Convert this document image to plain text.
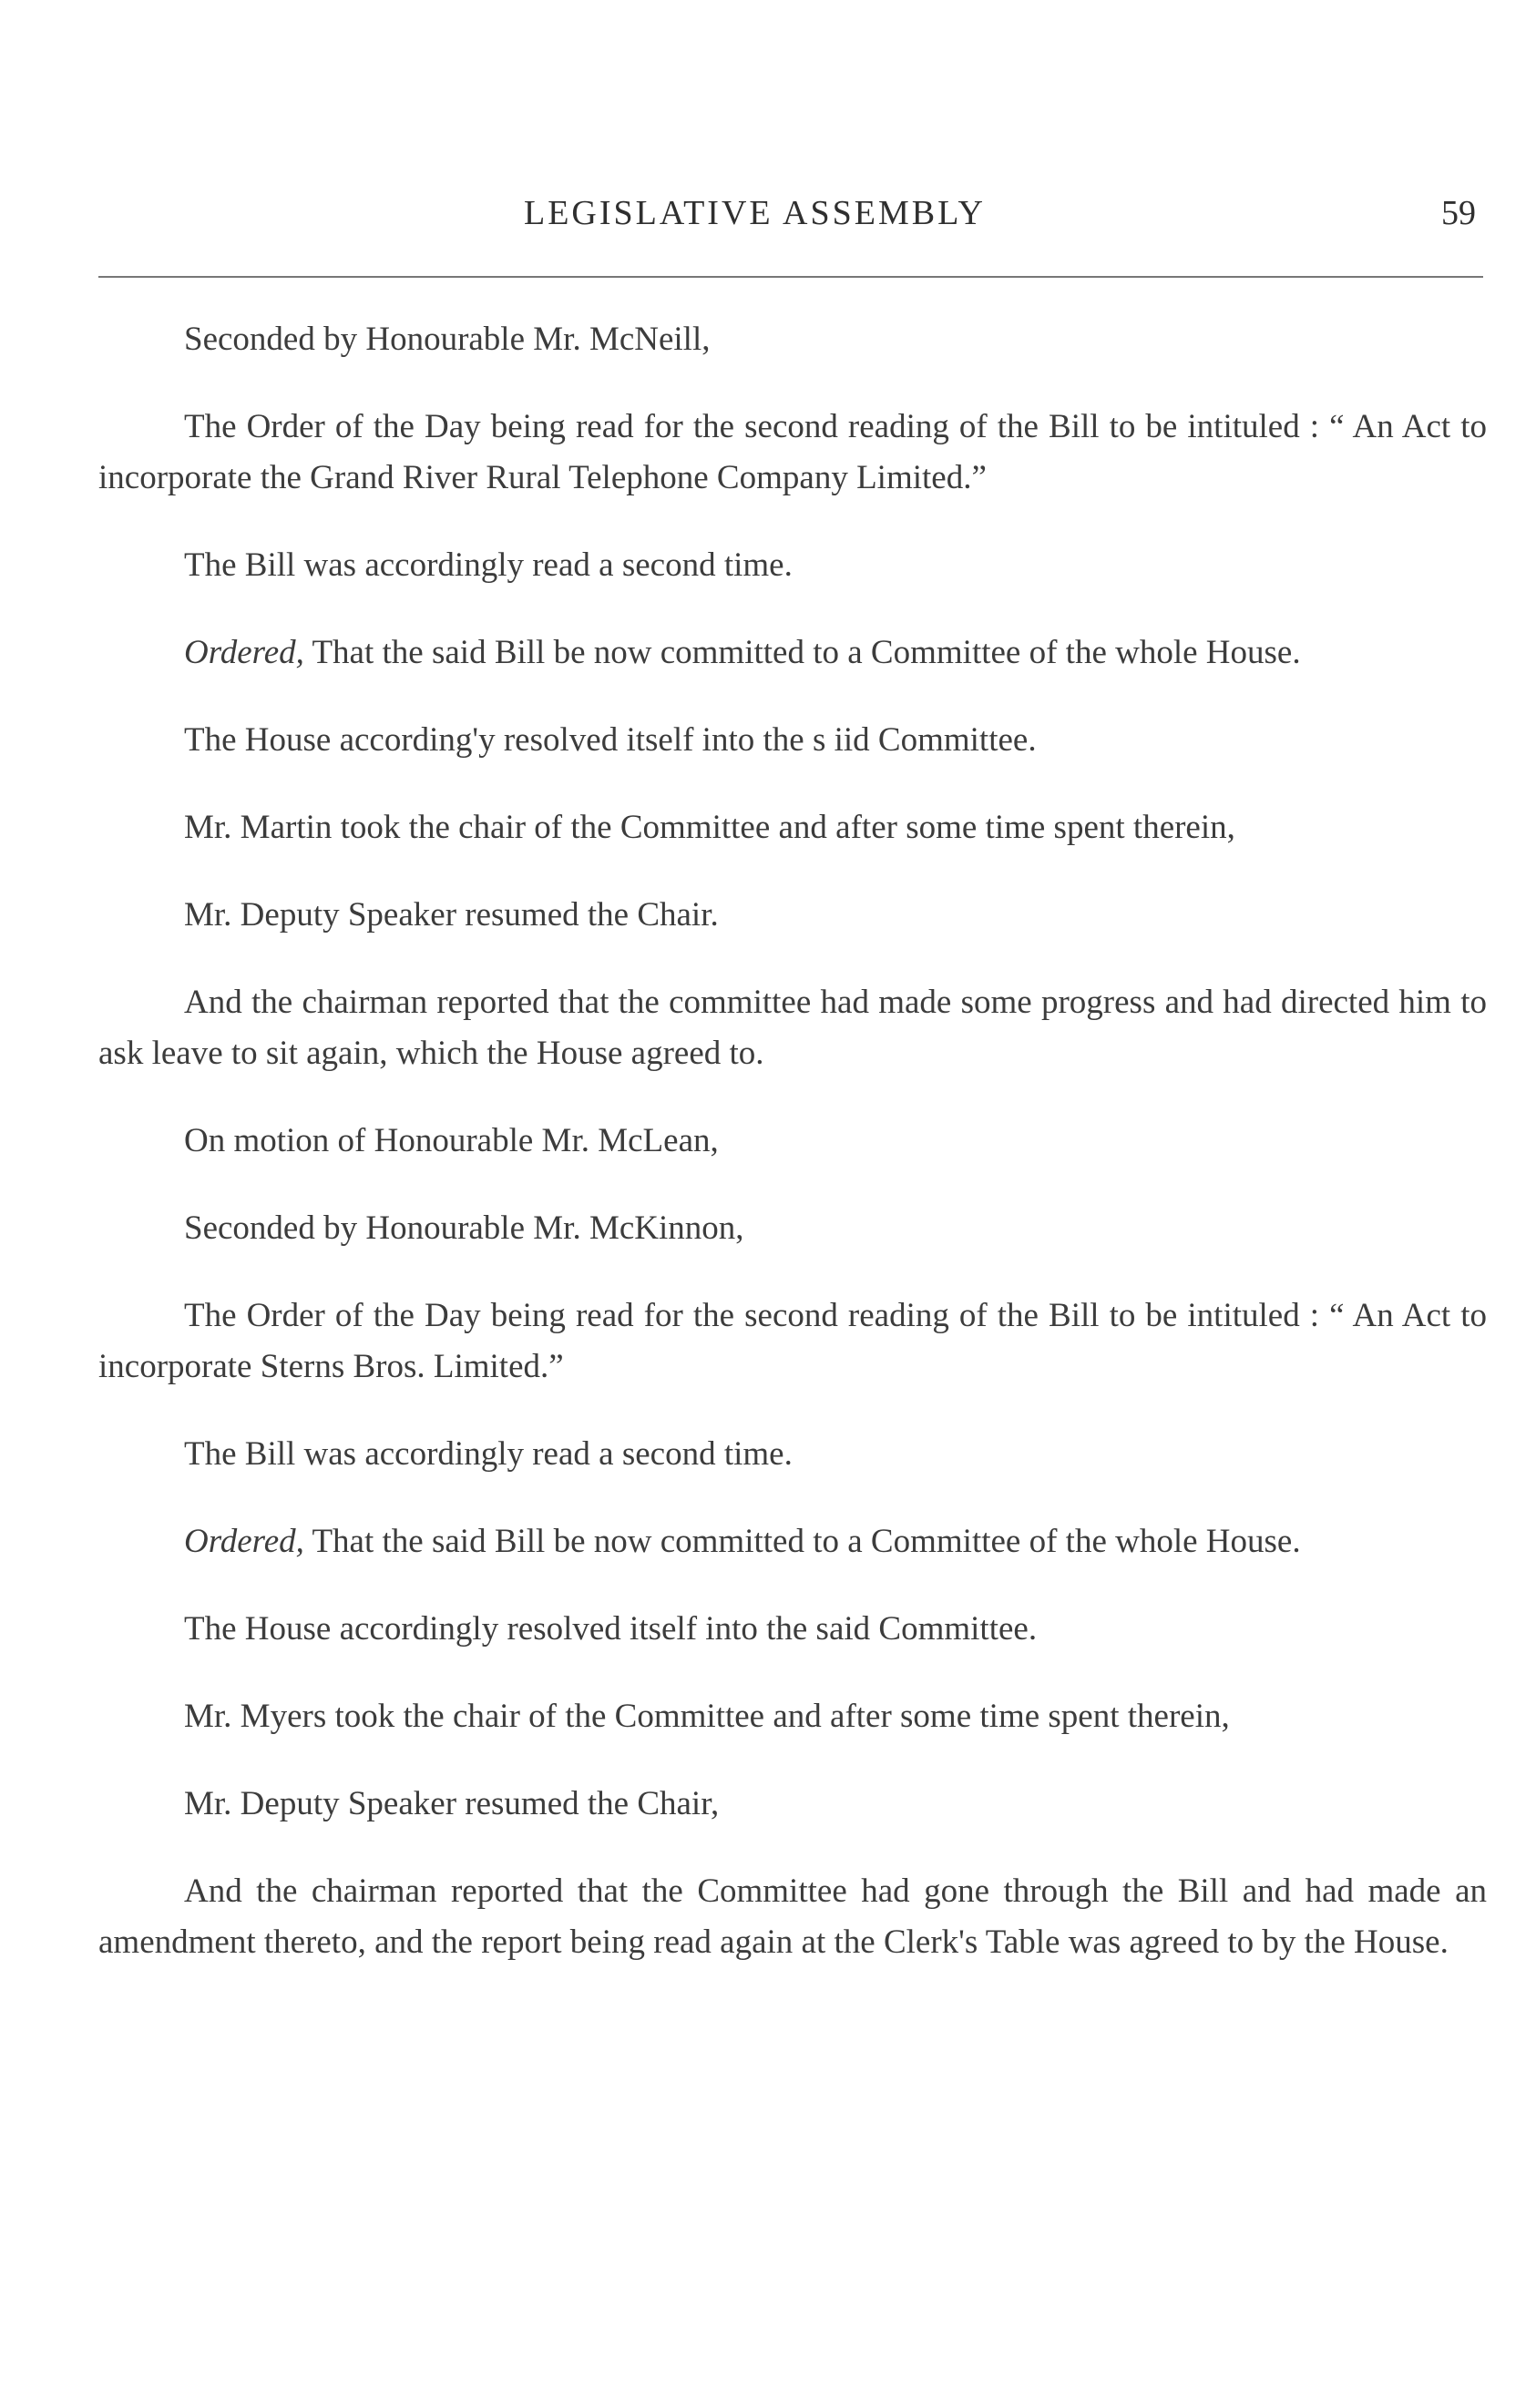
LEGISLATIVE ASSEMBLY	59

Seconded by Honourable Mr. McNeill,

The Order of the Day being read for the second reading of the Bill to be intituled : “ An Act to incorporate the Grand River Rural Telephone Company Limited.”

The Bill was accordingly read a second time.

Ordered, That the said Bill be now committed to a Committee of the whole House.

The House according'y resolved itself into the s iid Committee.

Mr. Martin took the chair of the Committee and after some time spent therein,

Mr. Deputy Speaker resumed the Chair.

And the chairman reported that the committee had made some progress and had directed him to ask leave to sit again, which the House agreed to.

On motion of Honourable Mr. McLean,

Seconded by Honourable Mr. McKinnon,

The Order of the Day being read for the second reading of the Bill to be intituled : “ An Act to incorporate Sterns Bros. Limited.”

The Bill was accordingly read a second time.

Ordered, That the said Bill be now committed to a Committee of the whole House.

The House accordingly resolved itself into the said Committee.

Mr. Myers took the chair of the Committee and after some time spent therein,

Mr. Deputy Speaker resumed the Chair,

And the chairman reported that the Committee had gone through the Bill and had made an amendment thereto, and the report being read again at the Clerk's Table was agreed to by the House.
